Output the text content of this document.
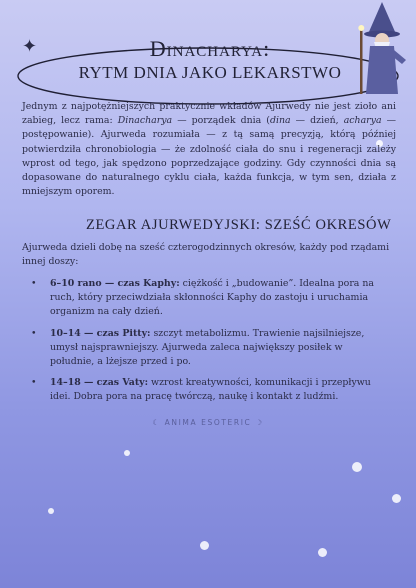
✦	Dinacharya:
RYTM DNIA JAKO LEKARSTWO

Jednym z najpotężniejszych praktycznie wkładów Ajurwedy nie jest zioło ani zabieg, lecz rama: Dinacharya — porządek dnia (dina — dzień, acharya — postępowanie). Ajurweda rozumiała — z tą samą precyzją, którą później potwierdziła chronobiologia — że zdolność ciała do snu i regeneracji zależy wprost od tego, jak spędzono poprzedzające godziny. Gdy czynności dnia są dopasowane do naturalnego cyklu ciała, każda funkcja, w tym sen, działa z mniejszym oporem.

ZEGAR AJURWEDYJSKI: SZEŚĆ OKRESÓW

Ajurweda dzieli dobę na sześć czterogodzinnych okresów, każdy pod rządami innej doszy:

• 6–10 rano — czas Kaphy: ciężkość i „budowanie”. Idealna pora na ruch, który przeciwdziała skłonności Kaphy do zastoju i uruchamia organizm na cały dzień.
• 10–14 — czas Pitty: szczyt metabolizmu. Trawienie najsilniejsze, umysł najsprawniejszy. Ajurweda zaleca największy posiłek w południe, a lżejsze przed i po.
• 14–18 — czas Vaty: wzrost kreatywności, komunikacji i przepływu idei. Dobra pora na pracę twórczą, naukę i kontakt z ludźmi.
☾ ANIMA ESOTERIC ☽
